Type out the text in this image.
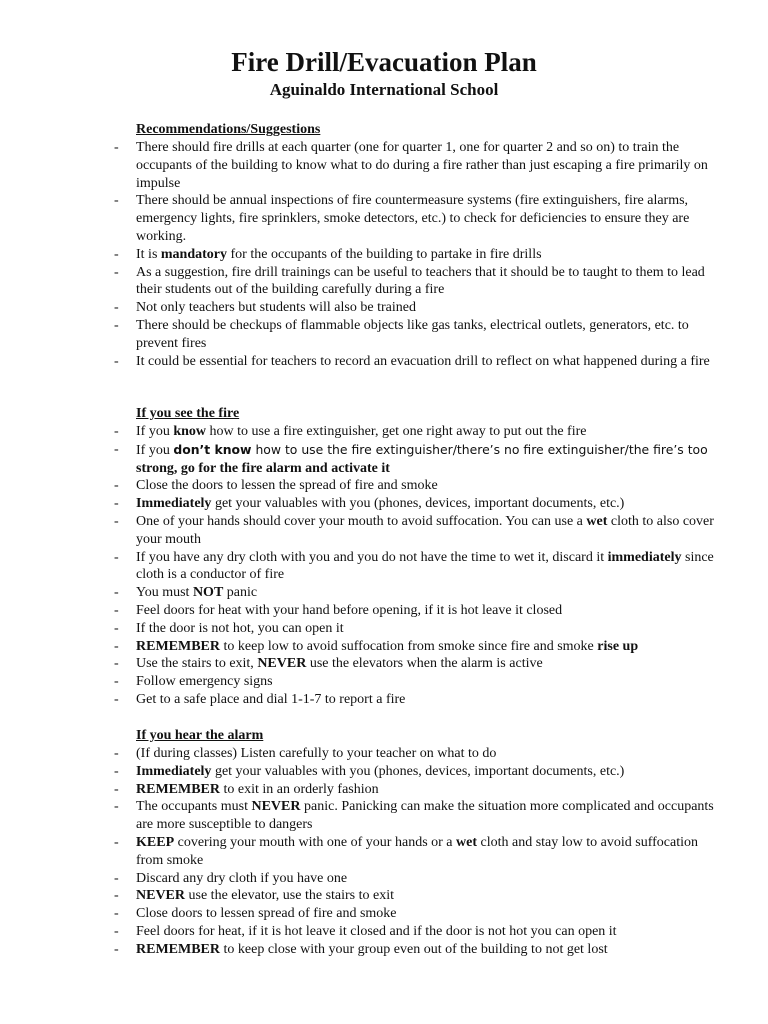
Fire Drill/Evacuation Plan
Aguinaldo International School
Recommendations/Suggestions
- There should fire drills at each quarter (one for quarter 1, one for quarter 2 and so on) to train the occupants of the building to know what to do during a fire rather than just escaping a fire primarily on impulse
- There should be annual inspections of fire countermeasure systems (fire extinguishers, fire alarms, emergency lights, fire sprinklers, smoke detectors, etc.) to check for deficiencies to ensure they are working.
- It is mandatory for the occupants of the building to partake in fire drills
- As a suggestion, fire drill trainings can be useful to teachers that it should be to taught to them to lead their students out of the building carefully during a fire
- Not only teachers but students will also be trained
- There should be checkups of flammable objects like gas tanks, electrical outlets, generators, etc. to prevent fires
- It could be essential for teachers to record an evacuation drill to reflect on what happened during a fire
If you see the fire
- If you know how to use a fire extinguisher, get one right away to put out the fire
- If you don’t know how to use the fire extinguisher/there’s no fire extinguisher/the fire’s too strong, go for the fire alarm and activate it
- Close the doors to lessen the spread of fire and smoke
- Immediately get your valuables with you (phones, devices, important documents, etc.)
- One of your hands should cover your mouth to avoid suffocation. You can use a wet cloth to also cover your mouth
- If you have any dry cloth with you and you do not have the time to wet it, discard it immediately since cloth is a conductor of fire
- You must NOT panic
- Feel doors for heat with your hand before opening, if it is hot leave it closed
- If the door is not hot, you can open it
- REMEMBER to keep low to avoid suffocation from smoke since fire and smoke rise up
- Use the stairs to exit, NEVER use the elevators when the alarm is active
- Follow emergency signs
- Get to a safe place and dial 1-1-7 to report a fire
If you hear the alarm
- (If during classes) Listen carefully to your teacher on what to do
- Immediately get your valuables with you (phones, devices, important documents, etc.)
- REMEMBER to exit in an orderly fashion
- The occupants must NEVER panic. Panicking can make the situation more complicated and occupants are more susceptible to dangers
- KEEP covering your mouth with one of your hands or a wet cloth and stay low to avoid suffocation from smoke
- Discard any dry cloth if you have one
- NEVER use the elevator, use the stairs to exit
- Close doors to lessen spread of fire and smoke
- Feel doors for heat, if it is hot leave it closed and if the door is not hot you can open it
- REMEMBER to keep close with your group even out of the building to not get lost
